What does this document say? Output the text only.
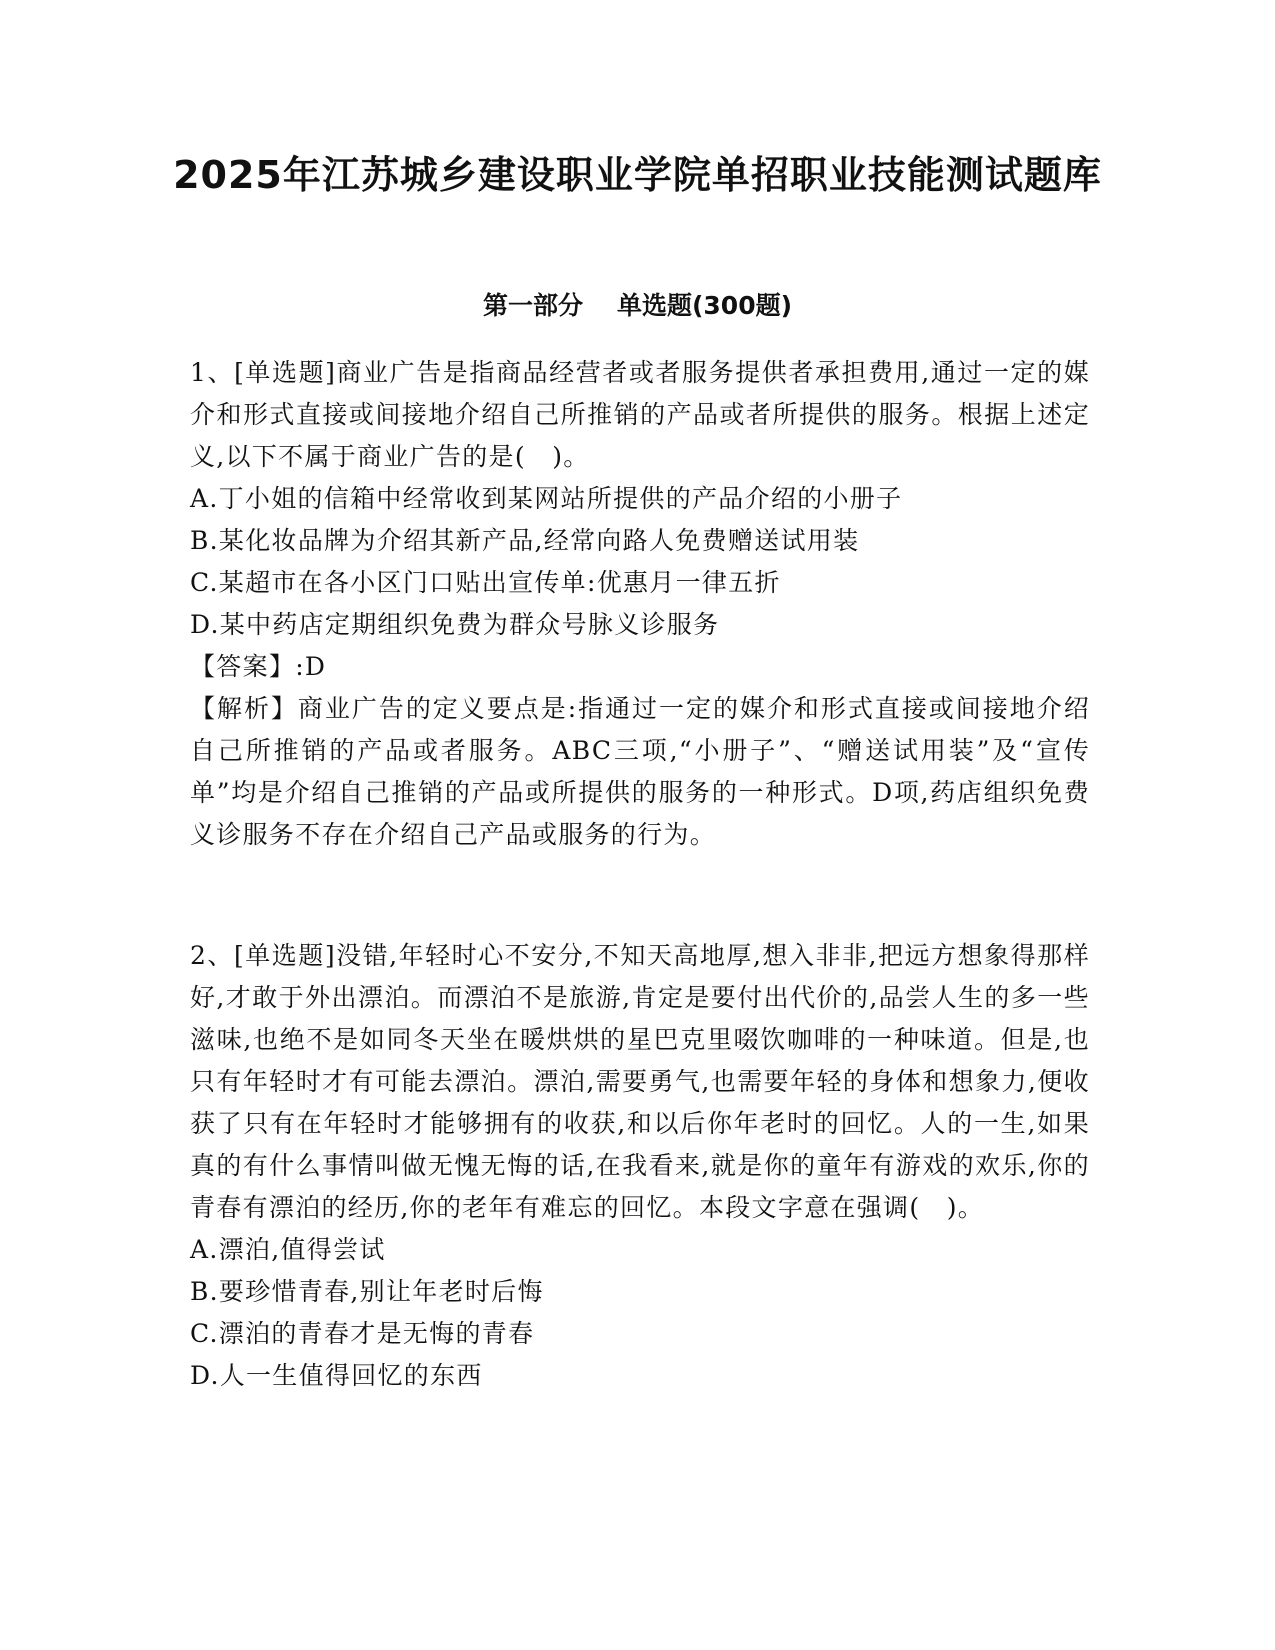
2025年江苏城乡建设职业学院单招职业技能测试题库
第一部分 单选题(300题)

1、[单选题]商业广告是指商品经营者或者服务提供者承担费用,通过一定的媒介和形式直接或间接地介绍自己所推销的产品或者所提供的服务。根据上述定义,以下不属于商业广告的是(　)。

A.丁小姐的信箱中经常收到某网站所提供的产品介绍的小册子

B.某化妆品牌为介绍其新产品,经常向路人免费赠送试用装

C.某超市在各小区门口贴出宣传单:优惠月一律五折

D.某中药店定期组织免费为群众号脉义诊服务

【答案】:D

【解析】商业广告的定义要点是:指通过一定的媒介和形式直接或间接地介绍自己所推销的产品或者服务。ABC三项,“小册子”、“赠送试用装”及“宣传单”均是介绍自己推销的产品或所提供的服务的一种形式。D项,药店组织免费义诊服务不存在介绍自己产品或服务的行为。

2、[单选题]没错,年轻时心不安分,不知天高地厚,想入非非,把远方想象得那样好,才敢于外出漂泊。而漂泊不是旅游,肯定是要付出代价的,品尝人生的多一些滋味,也绝不是如同冬天坐在暖烘烘的星巴克里啜饮咖啡的一种味道。但是,也只有年轻时才有可能去漂泊。漂泊,需要勇气,也需要年轻的身体和想象力,便收获了只有在年轻时才能够拥有的收获,和以后你年老时的回忆。人的一生,如果真的有什么事情叫做无愧无悔的话,在我看来,就是你的童年有游戏的欢乐,你的青春有漂泊的经历,你的老年有难忘的回忆。本段文字意在强调(　)。

A.漂泊,值得尝试

B.要珍惜青春,别让年老时后悔

C.漂泊的青春才是无悔的青春

D.人一生值得回忆的东西
